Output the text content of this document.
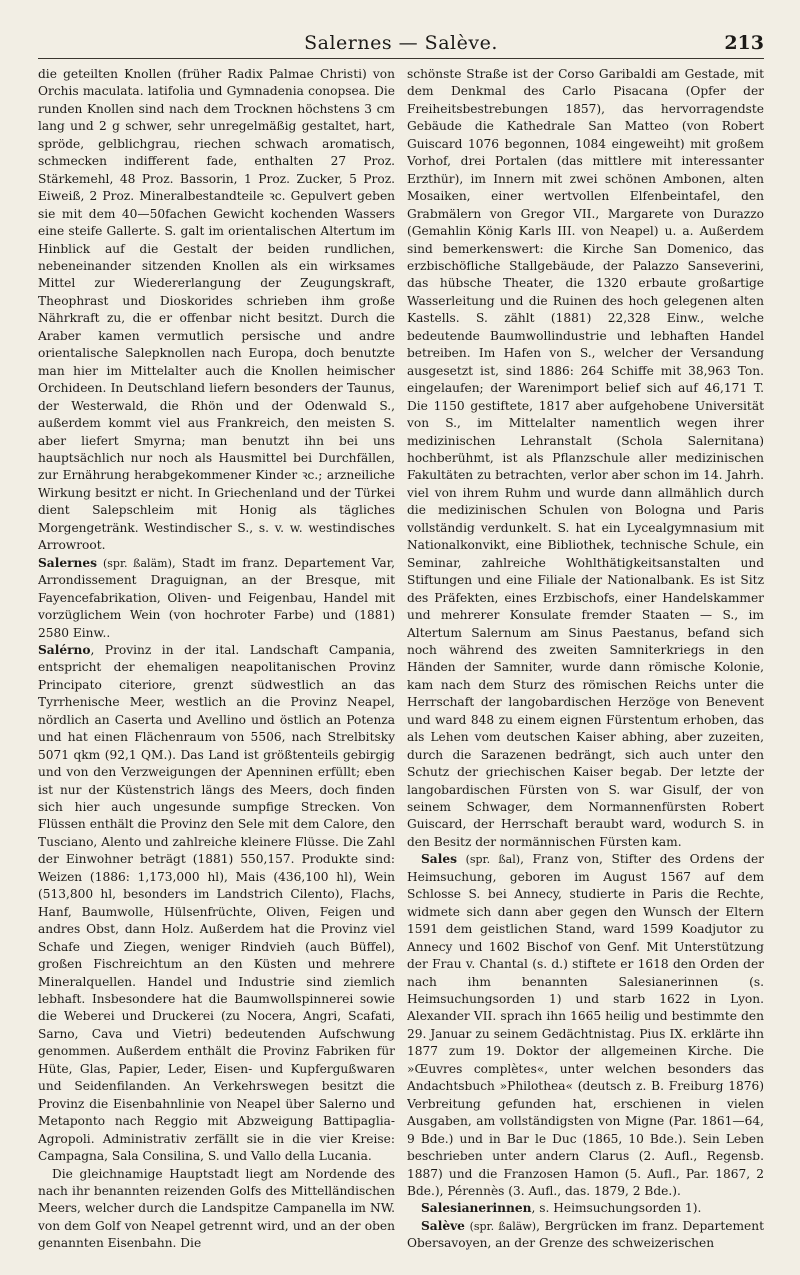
Salernes — Salève.	213

die geteilten Knollen (früher Radix Palmae Christi) von Orchis maculata. latifolia und Gymnadenia conopsea. Die runden Knollen sind nach dem Trocknen höchstens 3 cm lang und 2 g schwer, sehr unregelmäßig gestaltet, hart, spröde, gelblichgrau, riechen schwach aromatisch, schmecken indifferent fade, enthalten 27 Proz. Stärkemehl, 48 Proz. Bassorin, 1 Proz. Zucker, 5 Proz. Eiweiß, 2 Proz. Mineralbestandteile ꝛc. Gepulvert geben sie mit dem 40—50fachen Gewicht kochenden Wassers eine steife Gallerte. S. galt im orientalischen Altertum im Hinblick auf die Gestalt der beiden rundlichen, nebeneinander sitzenden Knollen als ein wirksames Mittel zur Wiedererlangung der Zeugungskraft, Theophrast und Dioskorides schrieben ihm große Nährkraft zu, die er offenbar nicht besitzt. Durch die Araber kamen vermutlich persische und andre orientalische Salepknollen nach Europa, doch benutzte man hier im Mittelalter auch die Knollen heimischer Orchideen. In Deutschland liefern besonders der Taunus, der Westerwald, die Rhön und der Odenwald S., außerdem kommt viel aus Frankreich, den meisten S. aber liefert Smyrna; man benutzt ihn bei uns hauptsächlich nur noch als Hausmittel bei Durchfällen, zur Ernährung herabgekommener Kinder ꝛc.; arzneiliche Wirkung besitzt er nicht. In Griechenland und der Türkei dient Salepschleim mit Honig als tägliches Morgengetränk. Westindischer S., s. v. w. westindisches Arrowroot.

Salernes (spr. ßaläm), Stadt im franz. Departement Var, Arrondissement Draguignan, an der Bresque, mit Fayencefabrikation, Oliven- und Feigenbau, Handel mit vorzüglichem Wein (von hochroter Farbe) und (1881) 2580 Einw..

Salérno, Provinz in der ital. Landschaft Campania, entspricht der ehemaligen neapolitanischen Provinz Principato citeriore, grenzt südwestlich an das Tyrrhenische Meer, westlich an die Provinz Neapel, nördlich an Caserta und Avellino und östlich an Potenza und hat einen Flächenraum von 5506, nach Strelbitsky 5071 qkm (92,1 QM.). Das Land ist größtenteils gebirgig und von den Verzweigungen der Apenninen erfüllt; eben ist nur der Küstenstrich längs des Meers, doch finden sich hier auch ungesunde sumpfige Strecken. Von Flüssen enthält die Provinz den Sele mit dem Calore, den Tusciano, Alento und zahlreiche kleinere Flüsse. Die Zahl der Einwohner beträgt (1881) 550,157. Produkte sind: Weizen (1886: 1,173,000 hl), Mais (436,100 hl), Wein (513,800 hl, besonders im Landstrich Cilento), Flachs, Hanf, Baumwolle, Hülsenfrüchte, Oliven, Feigen und andres Obst, dann Holz. Außerdem hat die Provinz viel Schafe und Ziegen, weniger Rindvieh (auch Büffel), großen Fischreichtum an den Küsten und mehrere Mineralquellen. Handel und Industrie sind ziemlich lebhaft. Insbesondere hat die Baumwollspinnerei sowie die Weberei und Druckerei (zu Nocera, Angri, Scafati, Sarno, Cava und Vietri) bedeutenden Aufschwung genommen. Außerdem enthält die Provinz Fabriken für Hüte, Glas, Papier, Leder, Eisen- und Kupfergußwaren und Seidenfilanden. An Verkehrswegen besitzt die Provinz die Eisenbahnlinie von Neapel über Salerno und Metaponto nach Reggio mit Abzweigung Battipaglia-Agropoli. Administrativ zerfällt sie in die vier Kreise: Campagna, Sala Consilina, S. und Vallo della Lucania.

Die gleichnamige Hauptstadt liegt am Nordende des nach ihr benannten reizenden Golfs des Mittelländischen Meers, welcher durch die Landspitze Campanella im NW. von dem Golf von Neapel getrennt wird, und an der oben genannten Eisenbahn. Die

schönste Straße ist der Corso Garibaldi am Gestade, mit dem Denkmal des Carlo Pisacana (Opfer der Freiheitsbestrebungen 1857), das hervorragendste Gebäude die Kathedrale San Matteo (von Robert Guiscard 1076 begonnen, 1084 eingeweiht) mit großem Vorhof, drei Portalen (das mittlere mit interessanter Erzthür), im Innern mit zwei schönen Ambonen, alten Mosaiken, einer wertvollen Elfenbeintafel, den Grabmälern von Gregor VII., Margarete von Durazzo (Gemahlin König Karls III. von Neapel) u. a. Außerdem sind bemerkenswert: die Kirche San Domenico, das erzbischöfliche Stallgebäude, der Palazzo Sanseverini, das hübsche Theater, die 1320 erbaute großartige Wasserleitung und die Ruinen des hoch gelegenen alten Kastells. S. zählt (1881) 22,328 Einw., welche bedeutende Baumwollindustrie und lebhaften Handel betreiben. Im Hafen von S., welcher der Versandung ausgesetzt ist, sind 1886: 264 Schiffe mit 38,963 Ton. eingelaufen; der Warenimport belief sich auf 46,171 T. Die 1150 gestiftete, 1817 aber aufgehobene Universität von S., im Mittelalter namentlich wegen ihrer medizinischen Lehranstalt (Schola Salernitana) hochberühmt, ist als Pflanzschule aller medizinischen Fakultäten zu betrachten, verlor aber schon im 14. Jahrh. viel von ihrem Ruhm und wurde dann allmählich durch die medizinischen Schulen von Bologna und Paris vollständig verdunkelt. S. hat ein Lycealgymnasium mit Nationalkonvikt, eine Bibliothek, technische Schule, ein Seminar, zahlreiche Wohlthätigkeitsanstalten und Stiftungen und eine Filiale der Nationalbank. Es ist Sitz des Präfekten, eines Erzbischofs, einer Handelskammer und mehrerer Konsulate fremder Staaten — S., im Altertum Salernum am Sinus Paestanus, befand sich noch während des zweiten Samniterkriegs in den Händen der Samniter, wurde dann römische Kolonie, kam nach dem Sturz des römischen Reichs unter die Herrschaft der langobardischen Herzöge von Benevent und ward 848 zu einem eignen Fürstentum erhoben, das als Lehen vom deutschen Kaiser abhing, aber zuzeiten, durch die Sarazenen bedrängt, sich auch unter den Schutz der griechischen Kaiser begab. Der letzte der langobardischen Fürsten von S. war Gisulf, der von seinem Schwager, dem Normannenfürsten Robert Guiscard, der Herrschaft beraubt ward, wodurch S. in den Besitz der normännischen Fürsten kam.

Sales (spr. ßal), Franz von, Stifter des Ordens der Heimsuchung, geboren im August 1567 auf dem Schlosse S. bei Annecy, studierte in Paris die Rechte, widmete sich dann aber gegen den Wunsch der Eltern 1591 dem geistlichen Stand, ward 1599 Koadjutor zu Annecy und 1602 Bischof von Genf. Mit Unterstützung der Frau v. Chantal (s. d.) stiftete er 1618 den Orden der nach ihm benannten Salesianerinnen (s. Heimsuchungsorden 1) und starb 1622 in Lyon. Alexander VII. sprach ihn 1665 heilig und bestimmte den 29. Januar zu seinem Gedächtnistag. Pius IX. erklärte ihn 1877 zum 19. Doktor der allgemeinen Kirche. Die »Œuvres complètes«, unter welchen besonders das Andachtsbuch »Philothea« (deutsch z. B. Freiburg 1876) Verbreitung gefunden hat, erschienen in vielen Ausgaben, am vollständigsten von Migne (Par. 1861—64, 9 Bde.) und in Bar le Duc (1865, 10 Bde.). Sein Leben beschrieben unter andern Clarus (2. Aufl., Regensb. 1887) und die Franzosen Hamon (5. Aufl., Par. 1867, 2 Bde.), Pérennès (3. Aufl., das. 1879, 2 Bde.).

Salesianerinnen, s. Heimsuchungsorden 1).

Salève (spr. ßaläw), Bergrücken im franz. Departement Obersavoyen, an der Grenze des schweizerischen
